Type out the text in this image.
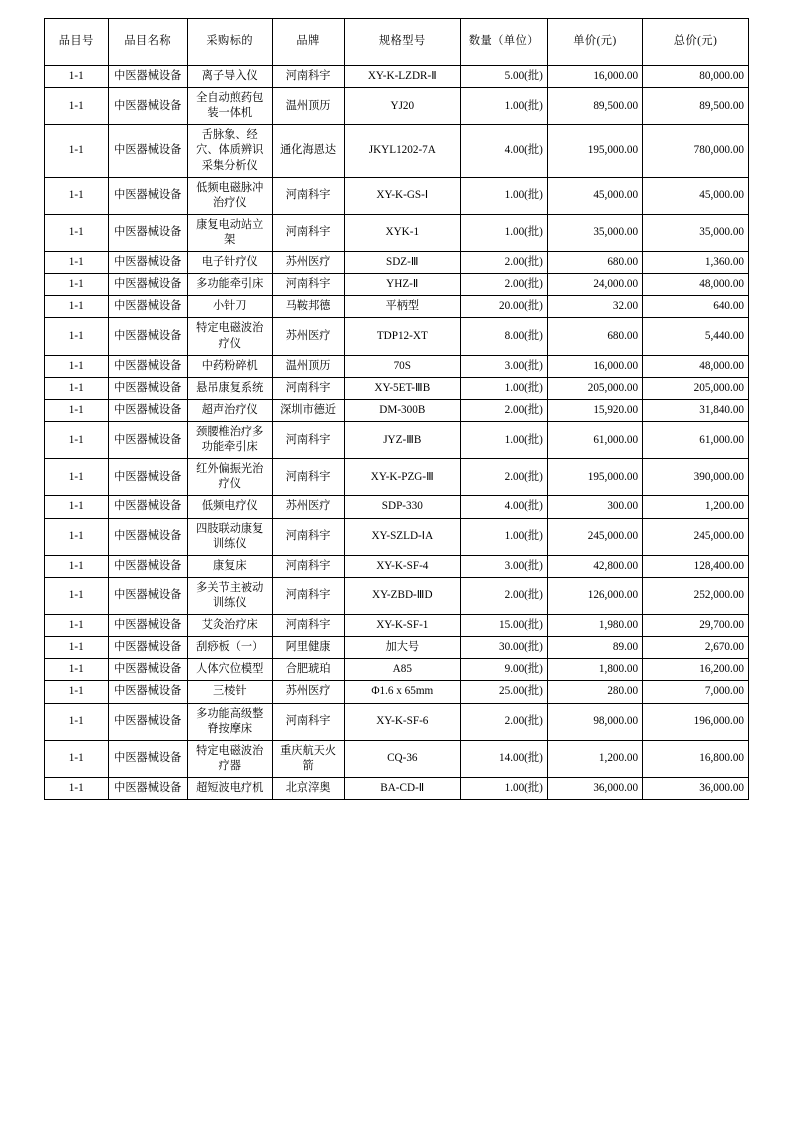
品目号	品目名称	采购标的	品牌	规格型号	数量（单位）	单价(元)	总价(元)
1-1	中医器械设备	离子导入仪	河南科宇	XY-K-LZDR-Ⅱ	5.00(批)	16,000.00	80,000.00
1-1	中医器械设备	全自动煎药包装一体机	温州顶历	YJ20	1.00(批)	89,500.00	89,500.00
1-1	中医器械设备	舌脉象、经穴、体质辨识采集分析仪	通化海恩达	JKYL1202-7A	4.00(批)	195,000.00	780,000.00
1-1	中医器械设备	低频电磁脉冲治疗仪	河南科宇	XY-K-GS-Ⅰ	1.00(批)	45,000.00	45,000.00
1-1	中医器械设备	康复电动站立架	河南科宇	XYK-1	1.00(批)	35,000.00	35,000.00
1-1	中医器械设备	电子针疗仪	苏州医疗	SDZ-Ⅲ	2.00(批)	680.00	1,360.00
1-1	中医器械设备	多功能牵引床	河南科宇	YHZ-Ⅱ	2.00(批)	24,000.00	48,000.00
1-1	中医器械设备	小针刀	马鞍邦德	平柄型	20.00(批)	32.00	640.00
1-1	中医器械设备	特定电磁波治疗仪	苏州医疗	TDP12-XT	8.00(批)	680.00	5,440.00
1-1	中医器械设备	中药粉碎机	温州顶历	70S	3.00(批)	16,000.00	48,000.00
1-1	中医器械设备	悬吊康复系统	河南科宇	XY-5ET-ⅢB	1.00(批)	205,000.00	205,000.00
1-1	中医器械设备	超声治疗仪	深圳市德近	DM-300B	2.00(批)	15,920.00	31,840.00
1-1	中医器械设备	颈腰椎治疗多功能牵引床	河南科宇	JYZ-ⅢB	1.00(批)	61,000.00	61,000.00
1-1	中医器械设备	红外偏振光治疗仪	河南科宇	XY-K-PZG-Ⅲ	2.00(批)	195,000.00	390,000.00
1-1	中医器械设备	低频电疗仪	苏州医疗	SDP-330	4.00(批)	300.00	1,200.00
1-1	中医器械设备	四肢联动康复训练仪	河南科宇	XY-SZLD-ⅠA	1.00(批)	245,000.00	245,000.00
1-1	中医器械设备	康复床	河南科宇	XY-K-SF-4	3.00(批)	42,800.00	128,400.00
1-1	中医器械设备	多关节主被动训练仪	河南科宇	XY-ZBD-ⅢD	2.00(批)	126,000.00	252,000.00
1-1	中医器械设备	艾灸治疗床	河南科宇	XY-K-SF-1	15.00(批)	1,980.00	29,700.00
1-1	中医器械设备	刮痧板（一）	阿里健康	加大号	30.00(批)	89.00	2,670.00
1-1	中医器械设备	人体穴位模型	合肥琥珀	A85	9.00(批)	1,800.00	16,200.00
1-1	中医器械设备	三棱针	苏州医疗	Φ1.6 x 65mm	25.00(批)	280.00	7,000.00
1-1	中医器械设备	多功能高级整脊按摩床	河南科宇	XY-K-SF-6	2.00(批)	98,000.00	196,000.00
1-1	中医器械设备	特定电磁波治疗器	重庆航天火箭	CQ-36	14.00(批)	1,200.00	16,800.00
1-1	中医器械设备	超短波电疗机	北京滓奥	BA-CD-Ⅱ	1.00(批)	36,000.00	36,000.00
